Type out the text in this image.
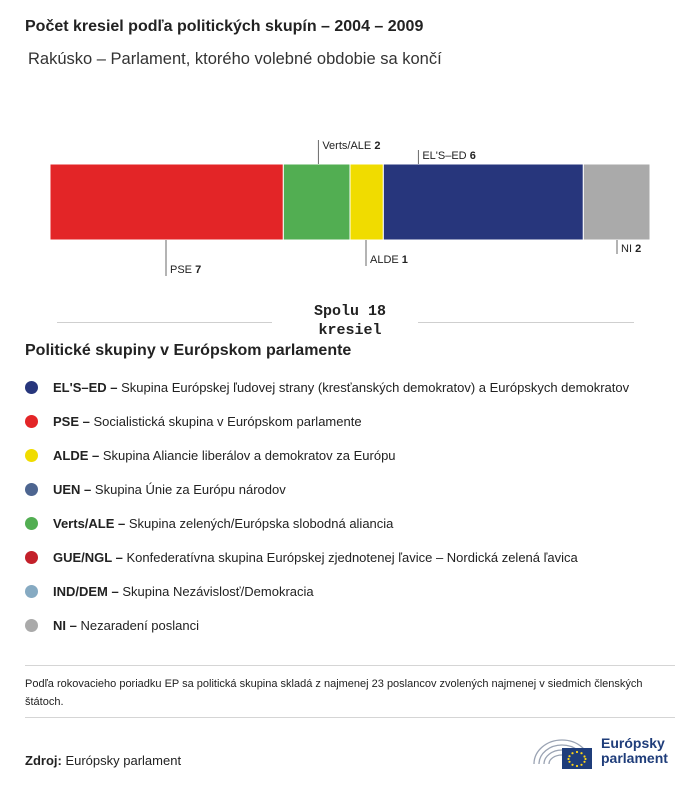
Počet kresiel podľa politických skupín – 2004 – 2009
Rakúsko – Parlament, ktorého volebné obdobie sa končí
PSE 7
Verts/ALE 2
ALDE 1
EL'S–ED 6
NI 2
Spolu 18 kresiel
Politické skupiny v Európskom parlamente
EL'S–ED –
Skupina Európskej ľudovej strany (kresťanských demokratov) a Európskych demokratov
PSE –
Socialistická skupina v Európskom parlamente
ALDE –
Skupina Aliancie liberálov a demokratov za Európu
UEN –
Skupina Únie za Európu národov
Verts/ALE –
Skupina zelených/Európska slobodná aliancia
GUE/NGL –
Konfederatívna skupina Európskej zjednotenej ľavice – Nordická zelená ľavica
IND/DEM –
Skupina Nezávislosť/Demokracia
NI –
Nezaradení poslanci
Podľa rokovacieho poriadku EP sa politická skupina skladá z najmenej 23 poslancov zvolených najmenej v siedmich členských štátoch.
Zdroj: Európsky parlament
Európsky
parlament
